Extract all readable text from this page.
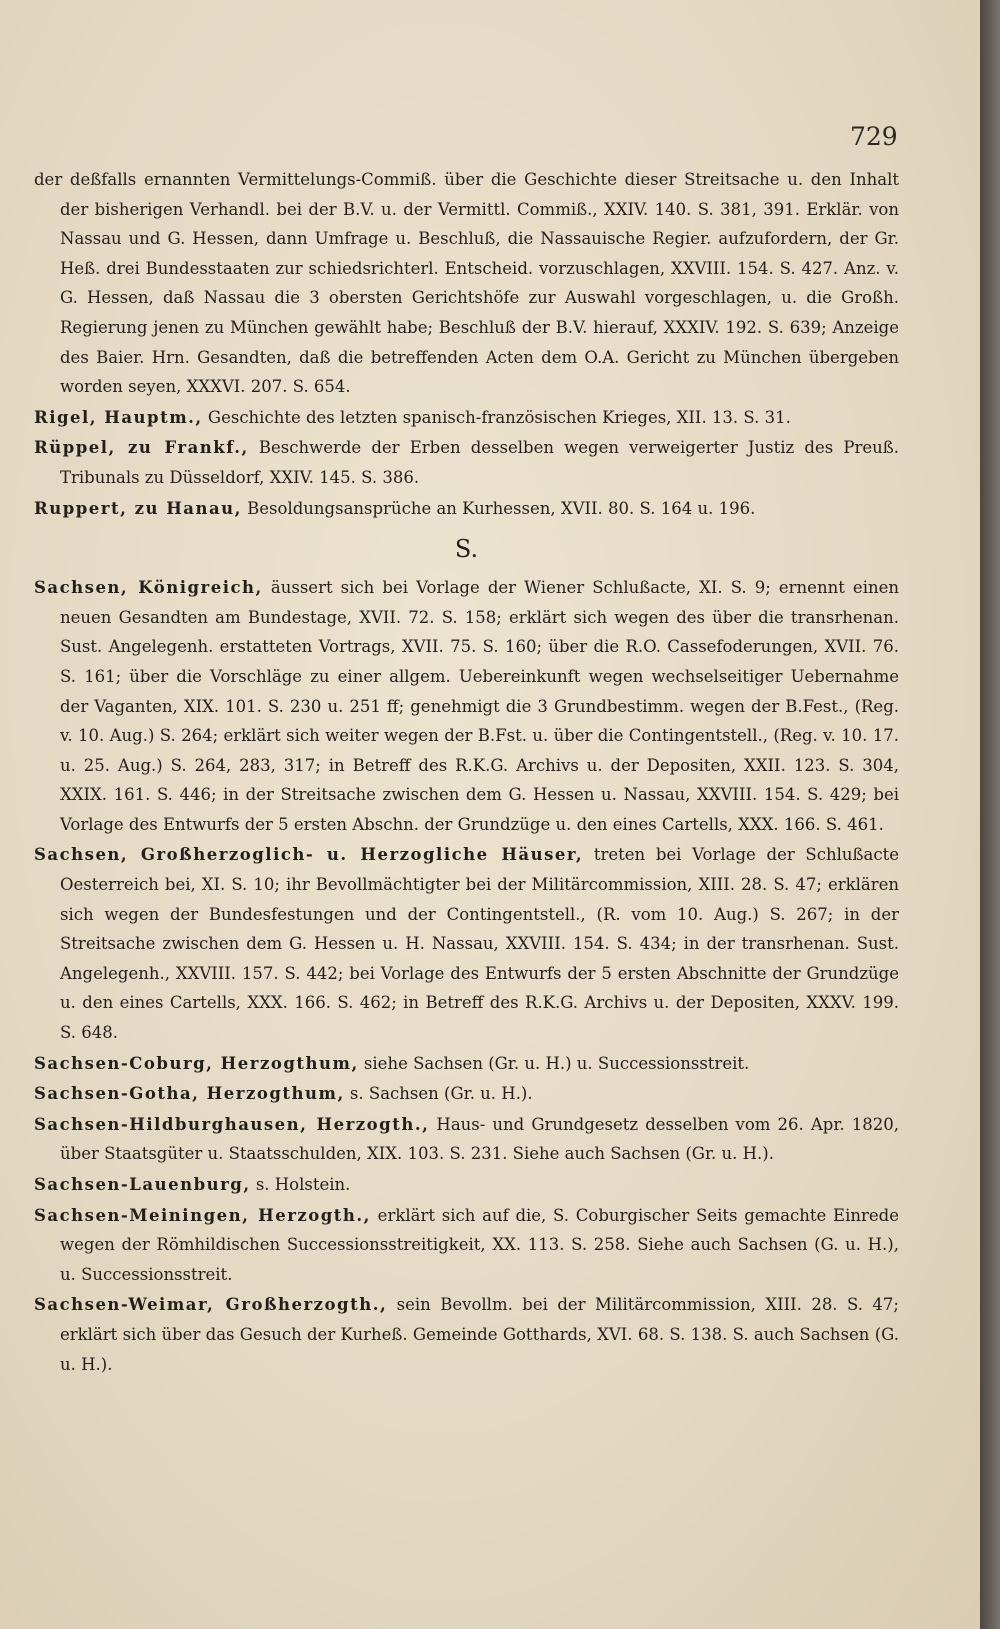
729
der deßfalls ernannten Vermittelungs-Commiß. über die Geschichte dieser Streitsache u. den Inhalt der bisherigen Verhandl. bei der B.V. u. der Vermittl. Commiß., XXIV. 140. S. 381, 391. Erklär. von Nassau und G. Hessen, dann Umfrage u. Beschluß, die Nassauische Regier. aufzufordern, der Gr. Heß. drei Bundesstaaten zur schiedsrichterl. Entscheid. vorzuschlagen, XXVIII. 154. S. 427. Anz. v. G. Hessen, daß Nassau die 3 obersten Gerichtshöfe zur Auswahl vorgeschlagen, u. die Großh. Regierung jenen zu München gewählt habe; Beschluß der B.V. hierauf, XXXIV. 192. S. 639; Anzeige des Baier. Hrn. Gesandten, daß die betreffenden Acten dem O.A. Gericht zu München übergeben worden seyen, XXXVI. 207. S. 654.
Rigel, Hauptm., Geschichte des letzten spanisch-französischen Krieges, XII. 13. S. 31.
Rüppel, zu Frankf., Beschwerde der Erben desselben wegen verweigerter Justiz des Preuß. Tribunals zu Düsseldorf, XXIV. 145. S. 386.
Ruppert, zu Hanau, Besoldungsansprüche an Kurhessen, XVII. 80. S. 164 u. 196.
S.
Sachsen, Königreich, äussert sich bei Vorlage der Wiener Schlußacte, XI. S. 9; ernennt einen neuen Gesandten am Bundestage, XVII. 72. S. 158; erklärt sich wegen des über die transrhenan. Sust. Angelegenh. erstatteten Vortrags, XVII. 75. S. 160; über die R.O. Cassefoderungen, XVII. 76. S. 161; über die Vorschläge zu einer allgem. Uebereinkunft wegen wechselseitiger Uebernahme der Vaganten, XIX. 101. S. 230 u. 251 ff; genehmigt die 3 Grundbestimm. wegen der B.Fest., (Reg. v. 10. Aug.) S. 264; erklärt sich weiter wegen der B.Fst. u. über die Contingentstell., (Reg. v. 10. 17. u. 25. Aug.) S. 264, 283, 317; in Betreff des R.K.G. Archivs u. der Depositen, XXII. 123. S. 304, XXIX. 161. S. 446; in der Streitsache zwischen dem G. Hessen u. Nassau, XXVIII. 154. S. 429; bei Vorlage des Entwurfs der 5 ersten Abschn. der Grundzüge u. den eines Cartells, XXX. 166. S. 461.
Sachsen, Großherzoglich- u. Herzogliche Häuser, treten bei Vorlage der Schlußacte Oesterreich bei, XI. S. 10; ihr Bevollmächtigter bei der Militärcommission, XIII. 28. S. 47; erklären sich wegen der Bundesfestungen und der Contingentstell., (R. vom 10. Aug.) S. 267; in der Streitsache zwischen dem G. Hessen u. H. Nassau, XXVIII. 154. S. 434; in der transrhenan. Sust. Angelegenh., XXVIII. 157. S. 442; bei Vorlage des Entwurfs der 5 ersten Abschnitte der Grundzüge u. den eines Cartells, XXX. 166. S. 462; in Betreff des R.K.G. Archivs u. der Depositen, XXXV. 199. S. 648.
Sachsen-Coburg, Herzogthum, siehe Sachsen (Gr. u. H.) u. Successionsstreit.
Sachsen-Gotha, Herzogthum, s. Sachsen (Gr. u. H.).
Sachsen-Hildburghausen, Herzogth., Haus- und Grundgesetz desselben vom 26. Apr. 1820, über Staatsgüter u. Staatsschulden, XIX. 103. S. 231. Siehe auch Sachsen (Gr. u. H.).
Sachsen-Lauenburg, s. Holstein.
Sachsen-Meiningen, Herzogth., erklärt sich auf die, S. Coburgischer Seits gemachte Einrede wegen der Römhildischen Successionsstreitigkeit, XX. 113. S. 258. Siehe auch Sachsen (G. u. H.), u. Successionsstreit.
Sachsen-Weimar, Großherzogth., sein Bevollm. bei der Militärcommission, XIII. 28. S. 47; erklärt sich über das Gesuch der Kurheß. Gemeinde Gotthards, XVI. 68. S. 138. S. auch Sachsen (G. u. H.).
